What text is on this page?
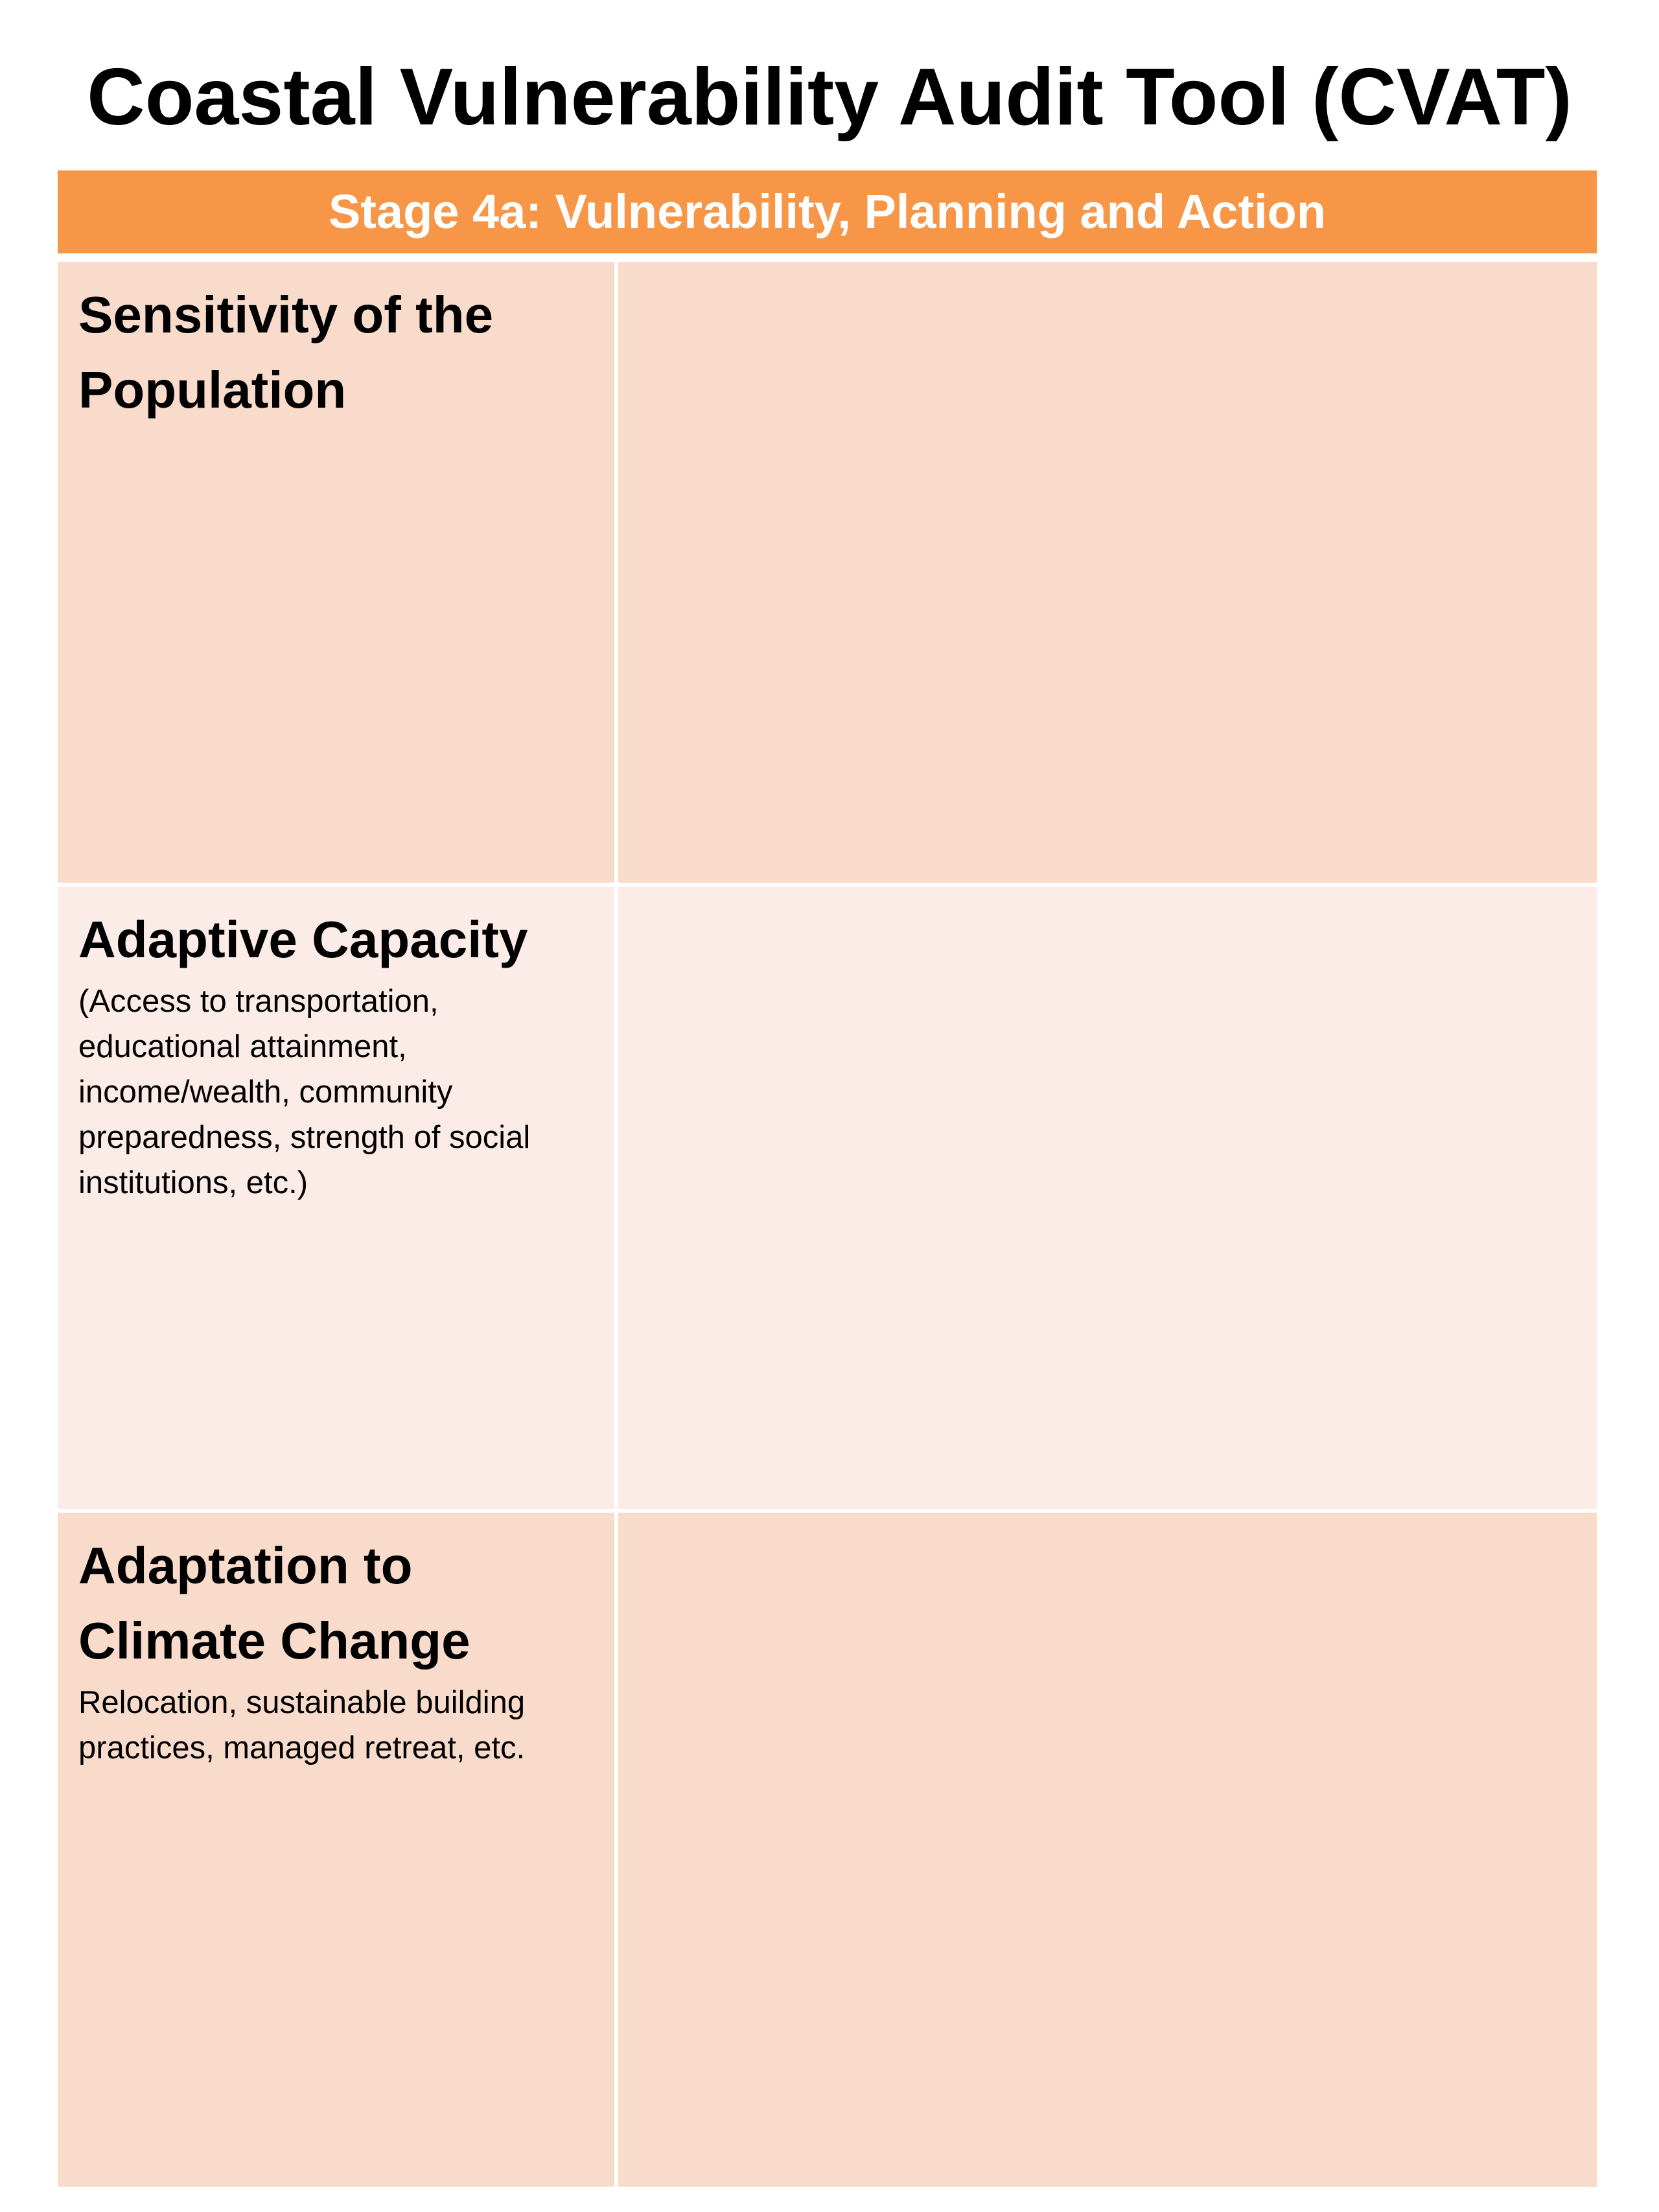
Coastal Vulnerability Audit Tool (CVAT)
Stage 4a: Vulnerability, Planning and Action

Sensitivity of the Population

Adaptive Capacity

(Access to transportation, educational attainment, income/wealth, community preparedness, strength of social institutions, etc.)

Adaptation to Climate Change

Relocation, sustainable building practices, managed retreat, etc.
